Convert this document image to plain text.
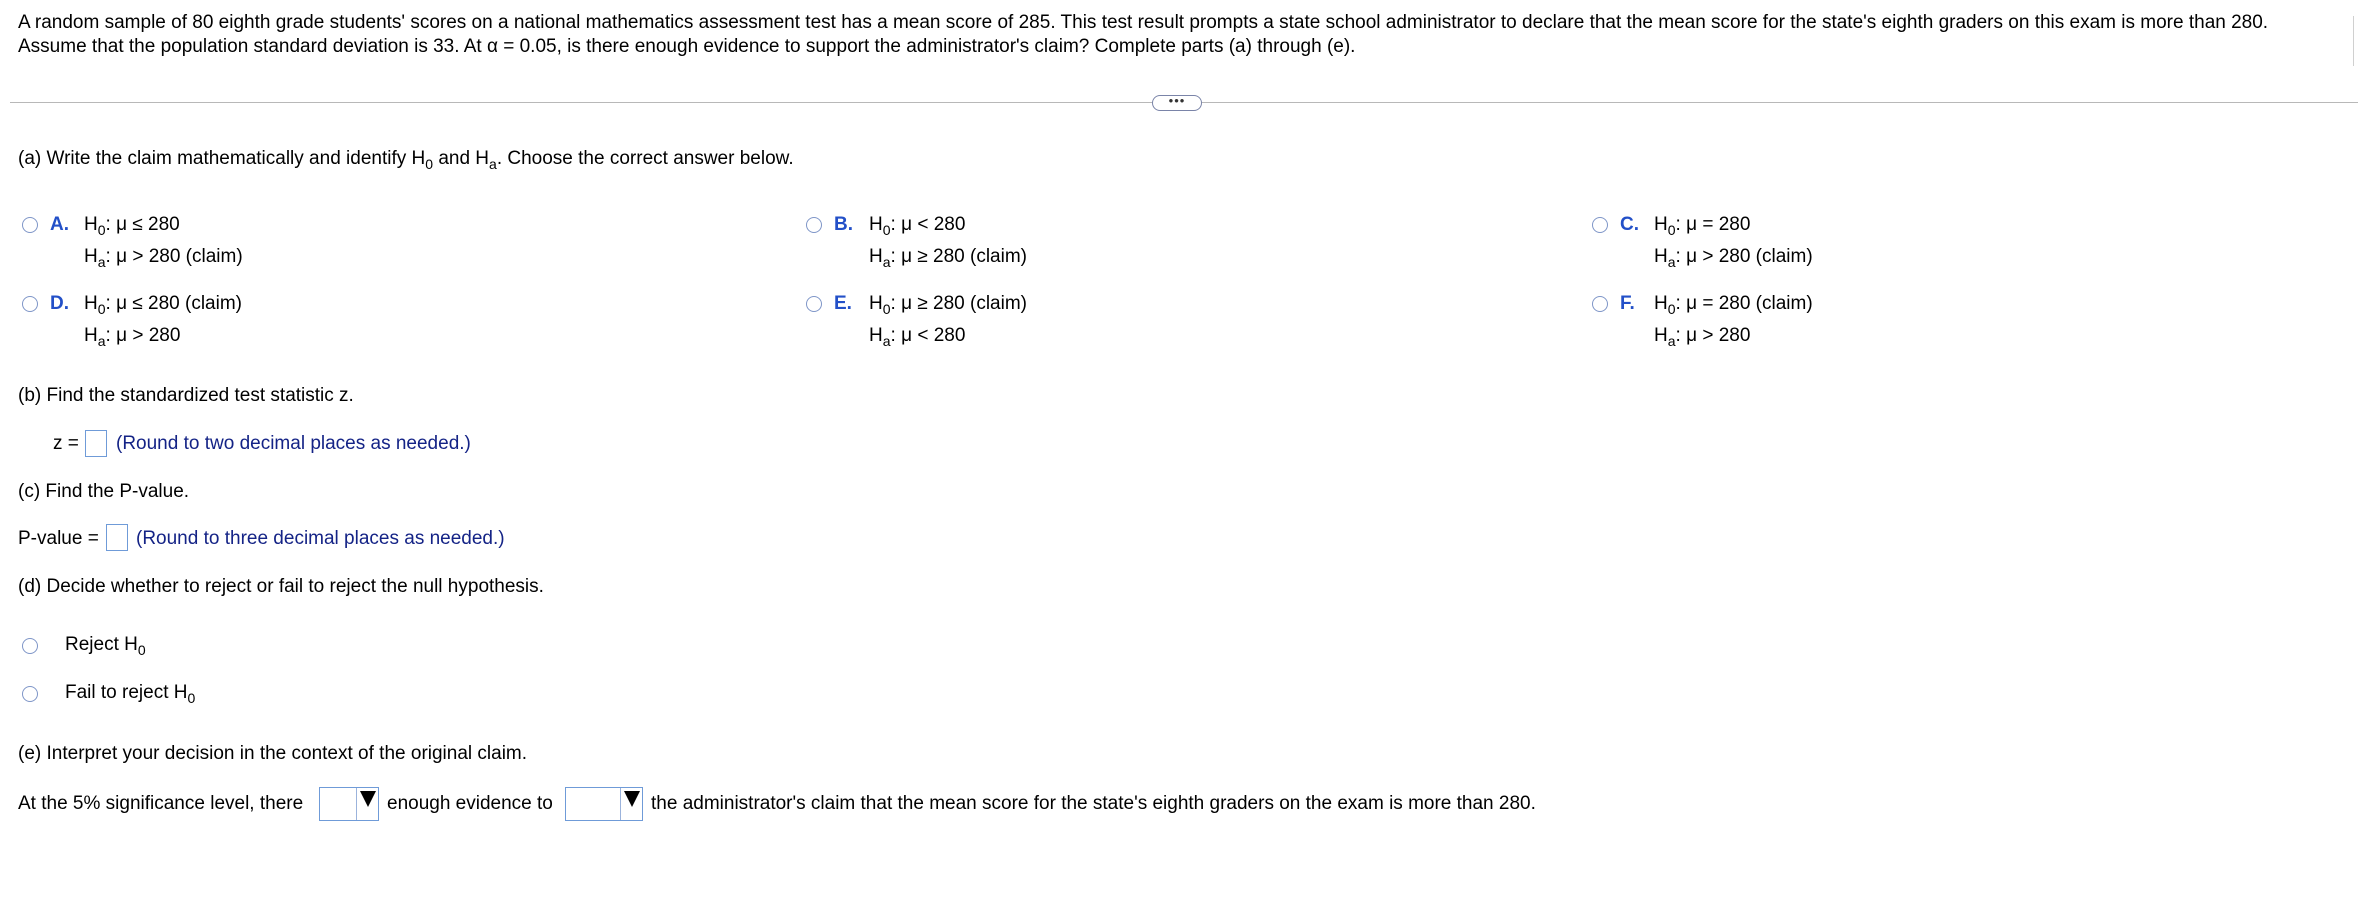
A random sample of 80 eighth grade students' scores on a national mathematics assessment test has a mean score of 285. This test result prompts a state school administrator to declare that the mean score for the state's eighth graders on this exam is more than 280. Assume that the population standard deviation is 33. At α = 0.05, is there enough evidence to support the administrator's claim? Complete parts (a) through (e).
•••
(a) Write the claim mathematically and identify $H_0$ and $H_a$. Choose the correct answer below.
A. $H_0$: μ ≤ 280
$H_a$: μ > 280 (claim)
B. $H_0$: μ < 280
$H_a$: μ ≥ 280 (claim)
C. $H_0$: μ = 280
$H_a$: μ > 280 (claim)
D. $H_0$: μ ≤ 280 (claim)
$H_a$: μ > 280
E. $H_0$: μ ≥ 280 (claim)
$H_a$: μ < 280
F. $H_0$: μ = 280 (claim)
$H_a$: μ > 280
(b) Find the standardized test statistic z.
z = (Round to two decimal places as needed.)
(c) Find the P-value.
P-value = (Round to three decimal places as needed.)
(d) Decide whether to reject or fail to reject the null hypothesis.
Reject $H_0$
Fail to reject $H_0$
(e) Interpret your decision in the context of the original claim.
At the 5% significance level, there	enough evidence to	the administrator's claim that the mean score for the state's eighth graders on the exam is more than 280.
